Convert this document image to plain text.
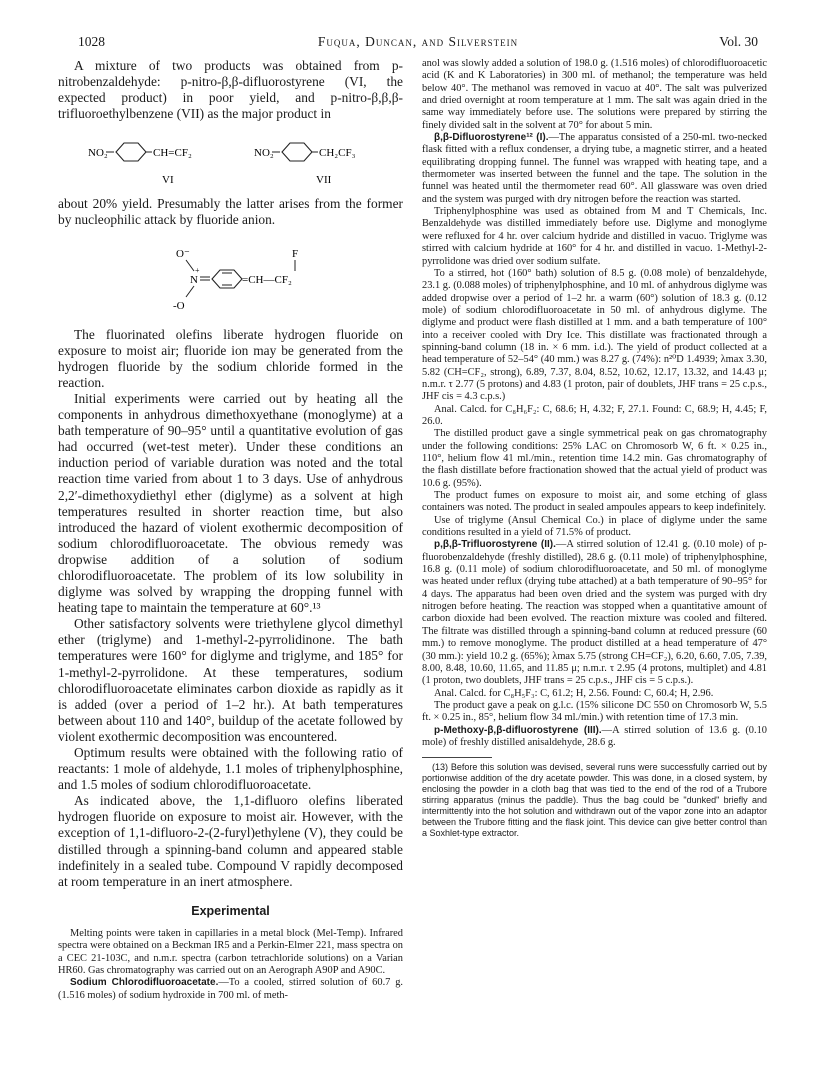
1028	Fuqua, Duncan, and Silverstein	Vol. 30

A mixture of two products was obtained from p-nitrobenzaldehyde: p-nitro-β,β-difluorostyrene (VI, the expected product) in poor yield, and p-nitro-β,β,β-trifluoroethylbenzene (VII) as the major product in

NO₂	CH=CF₂
VI
NO₂	CH₂CF₃
VII

about 20% yield. Presumably the latter arises from the former by nucleophilic attack by fluoride anion.

O⁻
N
+
-O
=CH—CF₂
F

The fluorinated olefins liberate hydrogen fluoride on exposure to moist air; fluoride ion may be generated from the hydrogen fluoride by the sodium chloride formed in the reaction.

Initial experiments were carried out by heating all the components in anhydrous dimethoxyethane (monoglyme) at a bath temperature of 90–95° until a quantitative evolution of gas had occurred (wet-test meter). Under these conditions an induction period of variable duration was noted and the total reaction time varied from about 1 to 3 days. Use of anhydrous 2,2′-dimethoxydiethyl ether (diglyme) as a solvent at high temperatures resulted in shorter reaction time, but also introduced the hazard of violent exothermic decomposition of sodium chlorodifluoroacetate. The obvious remedy was dropwise addition of a solution of sodium chlorodifluoroacetate. The problem of its low solubility in diglyme was solved by wrapping the dropping funnel with heating tape to maintain the temperature at 60°.¹³

Other satisfactory solvents were triethylene glycol dimethyl ether (triglyme) and 1-methyl-2-pyrrolidinone. The bath temperatures were 160° for diglyme and triglyme, and 185° for 1-methyl-2-pyrrolidone. At these temperatures, sodium chlorodifluoroacetate eliminates carbon dioxide as rapidly as it is added (over a period of 1–2 hr.). At bath temperatures between about 110 and 140°, buildup of the acetate followed by violent exothermic decomposition was encountered.

Optimum results were obtained with the following ratio of reactants: 1 mole of aldehyde, 1.1 moles of triphenylphosphine, and 1.5 moles of sodium chlorodifluoroacetate.

As indicated above, the 1,1-difluoro olefins liberated hydrogen fluoride on exposure to moist air. However, with the exception of 1,1-difluoro-2-(2-furyl)ethylene (V), they could be distilled through a spinning-band column and appeared stable indefinitely in a sealed tube. Compound V rapidly decomposed at room temperature in an inert atmosphere.

Experimental

Melting points were taken in capillaries in a metal block (Mel-Temp). Infrared spectra were obtained on a Beckman IR5 and a Perkin-Elmer 221, mass spectra on a CEC 21-103C, and n.m.r. spectra (carbon tetrachloride solutions) on a Varian HR60. Gas chromatography was carried out on an Aerograph A90P and A90C.

Sodium Chlorodifluoroacetate.—To a cooled, stirred solution of 60.7 g. (1.516 moles) of sodium hydroxide in 700 ml. of meth-

anol was slowly added a solution of 198.0 g. (1.516 moles) of chlorodifluoroacetic acid (K and K Laboratories) in 300 ml. of methanol; the temperature was held below 40°. The methanol was removed in vacuo at 40°. The salt was pulverized and dried overnight at room temperature at 1 mm. The salt was again dried in the same way immediately before use. The solutions were prepared by stirring the finely divided salt in the solvent at 70° for about 5 min.

β,β-Difluorostyrene¹² (I).—The apparatus consisted of a 250-ml. two-necked flask fitted with a reflux condenser, a drying tube, a magnetic stirrer, and a heated equilibrating dropping funnel. The funnel was wrapped with heating tape, and a thermometer was inserted between the funnel and the tape. The solution in the funnel was heated until the thermometer read 60°. All glassware was oven dried and the system was purged with dry nitrogen before the reaction was started.

Triphenylphosphine was used as obtained from M and T Chemicals, Inc. Benzaldehyde was distilled immediately before use. Diglyme and monoglyme were refluxed for 4 hr. over calcium hydride and distilled in vacuo. Triglyme was stirred with calcium hydride at 160° for 4 hr. and distilled in vacuo. 1-Methyl-2-pyrrolidone was dried over sodium sulfate.

To a stirred, hot (160° bath) solution of 8.5 g. (0.08 mole) of benzaldehyde, 23.1 g. (0.088 moles) of triphenylphosphine, and 10 ml. of anhydrous diglyme was added dropwise over a period of 1–2 hr. a warm (60°) solution of 18.3 g. (0.12 mole) of sodium chlorodifluoroacetate in 50 ml. of anhydrous diglyme. The diglyme and product were flash distilled at 1 mm. and a bath temperature of 100° into a receiver cooled with Dry Ice. This distillate was fractionated through a spinning-band column (18 in. × 6 mm. i.d.). The yield of product collected at a head temperature of 52–54° (40 mm.) was 8.27 g. (74%): n²⁰D 1.4939; λmax 3.30, 5.82 (CH=CF₂, strong), 6.89, 7.37, 8.04, 8.52, 10.62, 12.17, 13.32, and 14.43 μ; n.m.r. τ 2.77 (5 protons) and 4.83 (1 proton, pair of doublets, JHF trans = 25 c.p.s., JHF cis = 4.3 c.p.s.)

Anal. Calcd. for C₈H₆F₂: C, 68.6; H, 4.32; F, 27.1. Found: C, 68.9; H, 4.45; F, 26.0.

The distilled product gave a single symmetrical peak on gas chromatography under the following conditions: 25% LAC on Chromosorb W, 6 ft. × 0.25 in., 110°, helium flow 41 ml./min., retention time 14.2 min. Gas chromatography of the flash distillate before fractionation showed that the actual yield of product was 10.6 g. (95%).

The product fumes on exposure to moist air, and some etching of glass containers was noted. The product in sealed ampoules appears to keep indefinitely.

Use of triglyme (Ansul Chemical Co.) in place of diglyme under the same conditions resulted in a yield of 71.5% of product.

p,β,β-Trifluorostyrene (II).—A stirred solution of 12.41 g. (0.10 mole) of p-fluorobenzaldehyde (freshly distilled), 28.6 g. (0.11 mole) of triphenylphosphine, 16.8 g. (0.11 mole) of sodium chlorodifluoroacetate, and 50 ml. of monoglyme was heated under reflux (drying tube attached) at a bath temperature of 90–95° for 4 days. The apparatus had been oven dried and the system was purged with dry nitrogen before heating. The reaction was stopped when a quantitative amount of carbon dioxide had been evolved. The reaction mixture was cooled and filtered. The filtrate was distilled through a spinning-band column at reduced pressure (60 mm.) to remove monoglyme. The product distilled at a head temperature of 47° (30 mm.): yield 10.2 g. (65%); λmax 5.75 (strong CH=CF₂), 6.20, 6.60, 7.05, 7.39, 8.00, 8.48, 10.60, 11.65, and 11.85 μ; n.m.r. τ 2.95 (4 protons, multiplet) and 4.81 (1 proton, two doublets, JHF trans = 25 c.p.s., JHF cis = 5 c.p.s.).

Anal. Calcd. for C₈H₅F₃: C, 61.2; H, 2.56. Found: C, 60.4; H, 2.96.

The product gave a peak on g.l.c. (15% silicone DC 550 on Chromosorb W, 5.5 ft. × 0.25 in., 85°, helium flow 34 ml./min.) with retention time of 17.3 min.

p-Methoxy-β,β-difluorostyrene (III).—A stirred solution of 13.6 g. (0.10 mole) of freshly distilled anisaldehyde, 28.6 g.

(13) Before this solution was devised, several runs were successfully carried out by portionwise addition of the dry acetate powder. This was done, in a closed system, by enclosing the powder in a cloth bag that was tied to the end of the rod of a Trubore stirring apparatus (minus the paddle). Thus the bag could be "dunked" briefly and intermittently into the hot solution and withdrawn out of the vapor zone into an adaptor between the Trubore fitting and the flask joint. This device can give better control than a Soxhlet-type extractor.
